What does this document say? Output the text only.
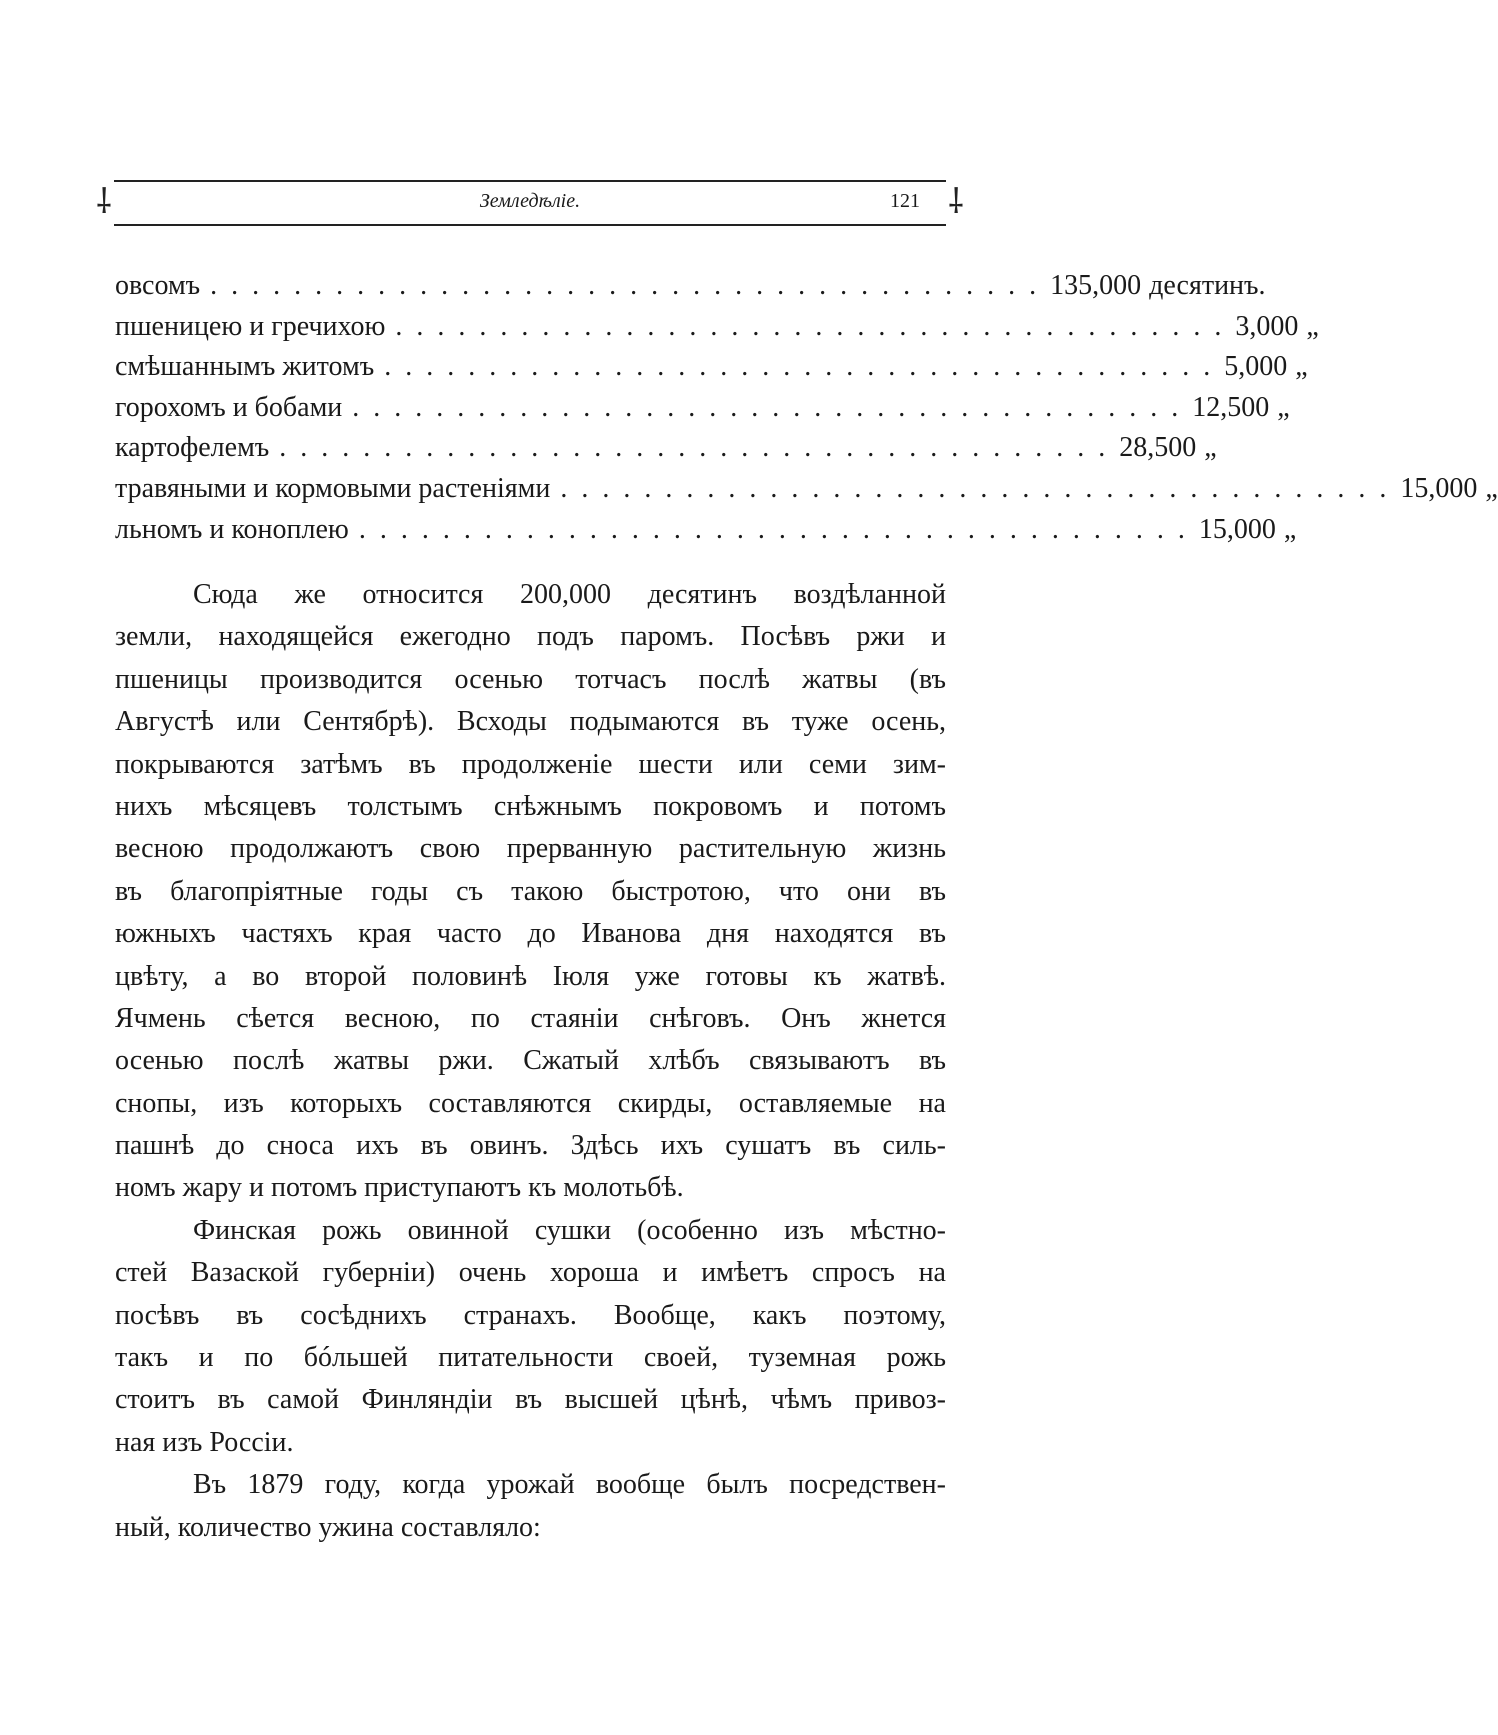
⸸	⸸
Земледѣліе.	121
овсомъ ........................................ 135,000 десятинъ.
пшеницею и гречихою ........................................ 3,000 „
смѣшаннымъ житомъ ........................................ 5,000 „
горохомъ и бобами ........................................ 12,500 „
картофелемъ ........................................ 28,500 „
травяными и кормовыми растеніями ........................................ 15,000 „
льномъ и коноплею ........................................ 15,000 „
Сюда же относится 200,000 десятинъ воздѣланной
земли, находящейся ежегодно подъ паромъ. Посѣвъ ржи и
пшеницы производится осенью тотчасъ послѣ жатвы (въ
Августѣ или Сентябрѣ). Всходы подымаются въ туже осень,
покрываются затѣмъ въ продолженіе шести или семи зим-
нихъ мѣсяцевъ толстымъ снѣжнымъ покровомъ и потомъ
весною продолжаютъ свою прерванную растительную жизнь
въ благопріятные годы съ такою быстротою, что они въ
южныхъ частяхъ края часто до Иванова дня находятся въ
цвѣту, а во второй половинѣ Іюля уже готовы къ жатвѣ.
Ячмень сѣется весною, по стаяніи снѣговъ. Онъ жнется
осенью послѣ жатвы ржи. Сжатый хлѣбъ связываютъ въ
снопы, изъ которыхъ составляются скирды, оставляемые на
пашнѣ до сноса ихъ въ овинъ. Здѣсь ихъ сушатъ въ силь-
номъ жару и потомъ приступаютъ къ молотьбѣ.
Финская рожь овинной сушки (особенно изъ мѣстно-
стей Вазаской губерніи) очень хороша и имѣетъ спросъ на
посѣвъ въ сосѣднихъ странахъ. Вообще, какъ поэтому,
такъ и по бóльшей питательности своей, туземная рожь
стоитъ въ самой Финляндіи въ высшей цѣнѣ, чѣмъ привоз-
ная изъ Россіи.
Въ 1879 году, когда урожай вообще былъ посредствен-
ный, количество ужина составляло:
